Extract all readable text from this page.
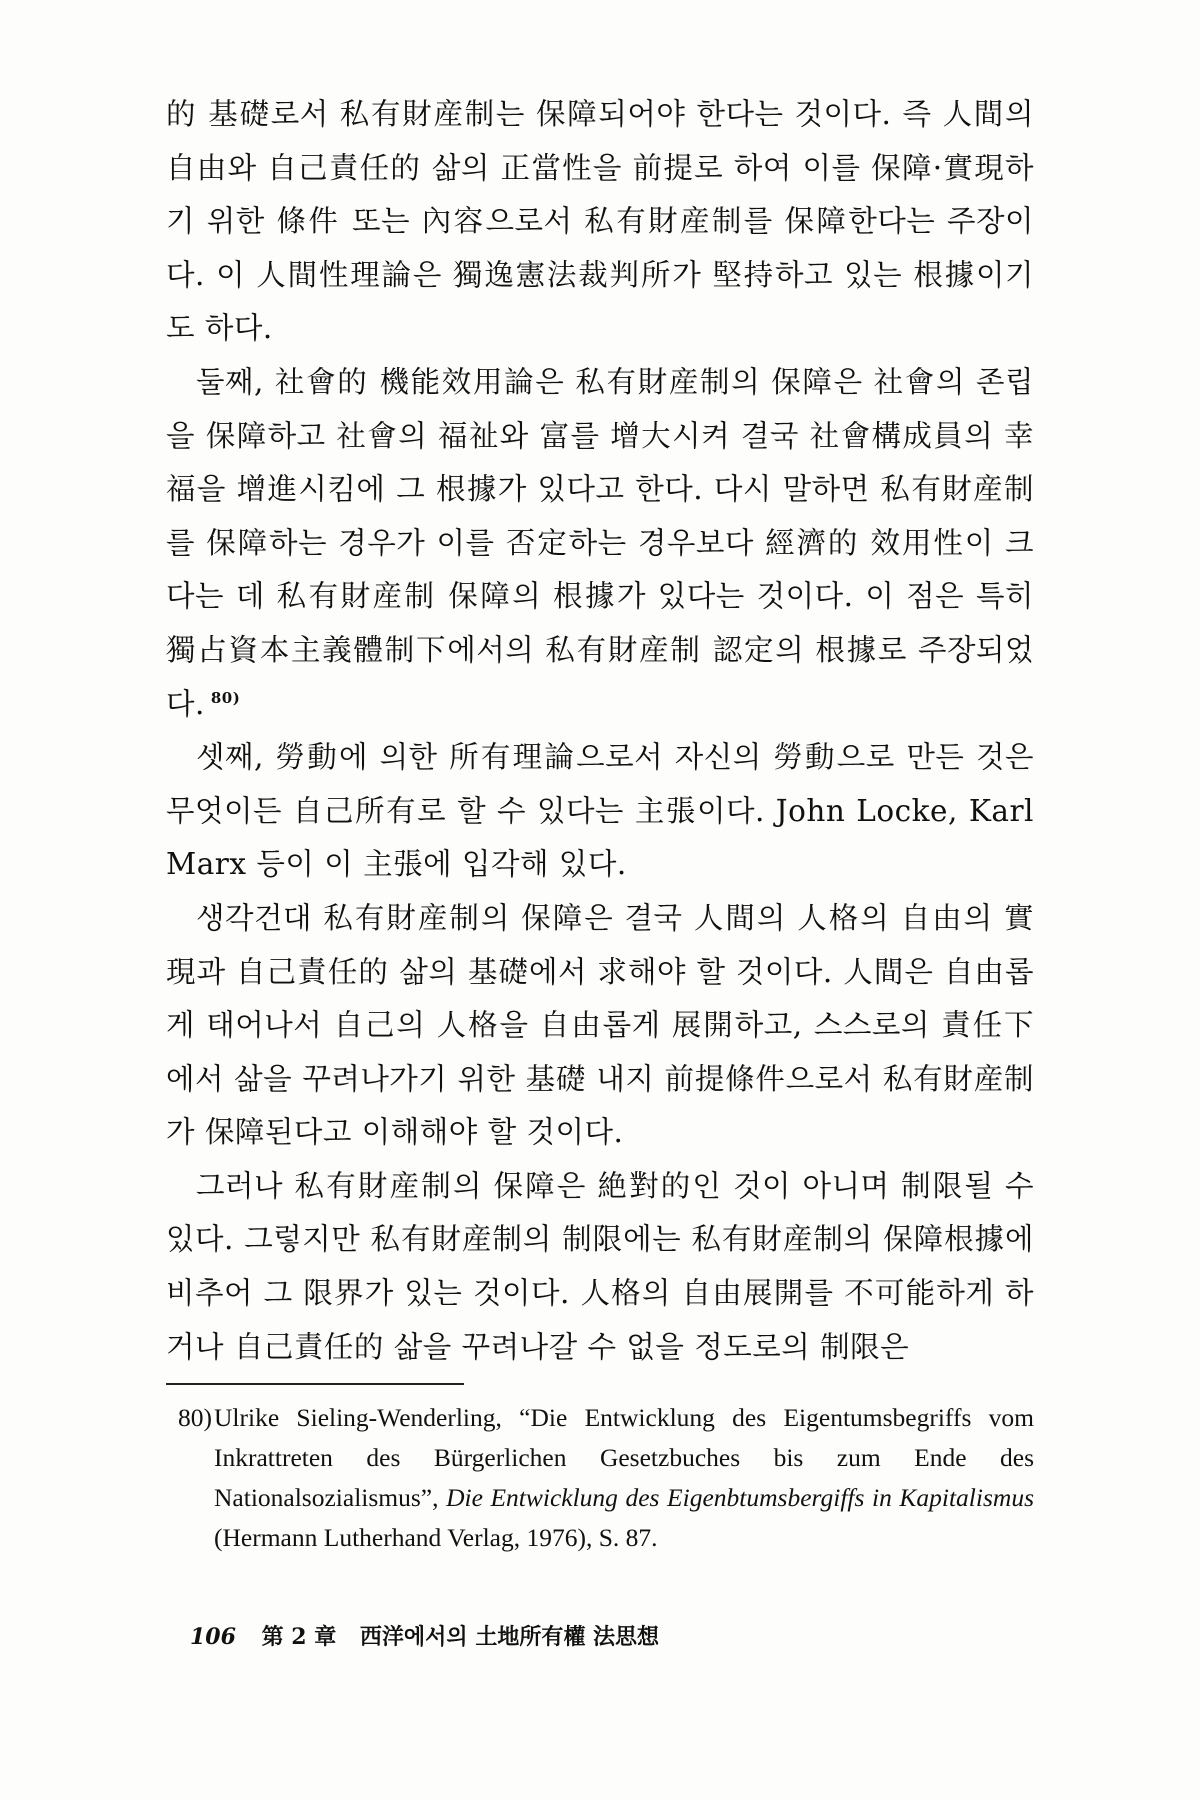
的 基礎로서 私有財産制는 保障되어야 한다는 것이다. 즉 人間의 自由와 自己責任的 삶의 正當性을 前提로 하여 이를 保障·實現하기 위한 條件 또는 內容으로서 私有財産制를 保障한다는 주장이다. 이 人間性理論은 獨逸憲法裁判所가 堅持하고 있는 根據이기도 하다.

둘째, 社會的 機能效用論은 私有財産制의 保障은 社會의 존립을 保障하고 社會의 福祉와 富를 增大시켜 결국 社會構成員의 幸福을 增進시킴에 그 根據가 있다고 한다. 다시 말하면 私有財産制를 保障하는 경우가 이를 否定하는 경우보다 經濟的 效用性이 크다는 데 私有財産制 保障의 根據가 있다는 것이다. 이 점은 특히 獨占資本主義體制下에서의 私有財産制 認定의 根據로 주장되었다. $^{80)}$

셋째, 勞動에 의한 所有理論으로서 자신의 勞動으로 만든 것은 무엇이든 自己所有로 할 수 있다는 主張이다. John Locke, Karl Marx 등이 이 主張에 입각해 있다.

생각건대 私有財産制의 保障은 결국 人間의 人格의 自由의 實現과 自己責任的 삶의 基礎에서 求해야 할 것이다. 人間은 自由롭게 태어나서 自己의 人格을 自由롭게 展開하고, 스스로의 責任下에서 삶을 꾸려나가기 위한 基礎 내지 前提條件으로서 私有財産制가 保障된다고 이해해야 할 것이다.

그러나 私有財産制의 保障은 絶對的인 것이 아니며 制限될 수 있다. 그렇지만 私有財産制의 制限에는 私有財産制의 保障根據에 비추어 그 限界가 있는 것이다. 人格의 自由展開를 不可能하게 하거나 自己責任的 삶을 꾸려나갈 수 없을 정도로의 制限은

80) Ulrike Sieling-Wenderling, “Die Entwicklung des Eigentumsbegriffs vom Inkrattreten des Bürgerlichen Gesetzbuches bis zum Ende des Nationalsozialismus”, Die Entwicklung des Eigenbtumsbergiffs in Kapitalismus (Hermann Lutherhand Verlag, 1976), S. 87.
106 第 2 章 西洋에서의 土地所有權 法思想
